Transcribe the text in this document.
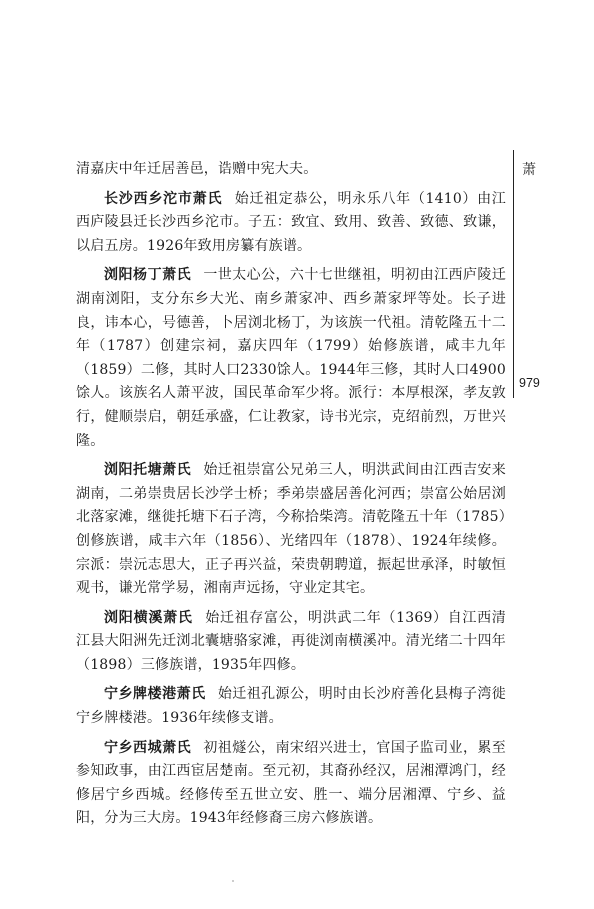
萧
979

清嘉庆中年迁居善邑，诰赠中宪大夫。

长沙西乡沱市萧氏 始迁祖定恭公，明永乐八年（1410）由江西庐陵县迁长沙西乡沱市。子五：致宜、致用、致善、致德、致谦，以启五房。1926年致用房纂有族谱。

浏阳杨丁萧氏 一世太心公，六十七世继祖，明初由江西庐陵迁湖南浏阳，支分东乡大光、南乡萧家冲、西乡萧家坪等处。长子进良，讳本心，号德善，卜居浏北杨丁，为该族一代祖。清乾隆五十二年（1787）创建宗祠，嘉庆四年（1799）始修族谱，咸丰九年（1859）二修，其时人口2330馀人。1944年三修，其时人口4900馀人。该族名人萧平波，国民革命军少将。派行：本厚根深，孝友敦行，健顺崇启，朝廷承盛，仁让教家，诗书光宗，克绍前烈，万世兴隆。

浏阳托塘萧氏 始迁祖崇富公兄弟三人，明洪武间由江西吉安来湖南，二弟崇贵居长沙学士桥；季弟崇盛居善化河西；崇富公始居浏北落家滩，继徙托塘下石子湾，今称拾柴湾。清乾隆五十年（1785）创修族谱，咸丰六年（1856）、光绪四年（1878）、1924年续修。宗派：崇沅志思大，正子再兴益，荣贵朝聘道，振起世承泽，时敏恒观书，谦光常学易，湘南声远扬，守业定其宅。

浏阳横溪萧氏 始迁祖存富公，明洪武二年（1369）自江西清江县大阳洲先迁浏北囊塘骆家滩，再徙浏南横溪冲。清光绪二十四年（1898）三修族谱，1935年四修。

宁乡牌楼港萧氏 始迁祖孔源公，明时由长沙府善化县梅子湾徙宁乡牌楼港。1936年续修支谱。

宁乡西城萧氏 初祖燧公，南宋绍兴进士，官国子监司业，累至参知政事，由江西宦居楚南。至元初，其裔孙经汉，居湘潭鸿门，经修居宁乡西城。经修传至五世立安、胜一、端分居湘潭、宁乡、益阳，分为三大房。1943年经修裔三房六修族谱。
